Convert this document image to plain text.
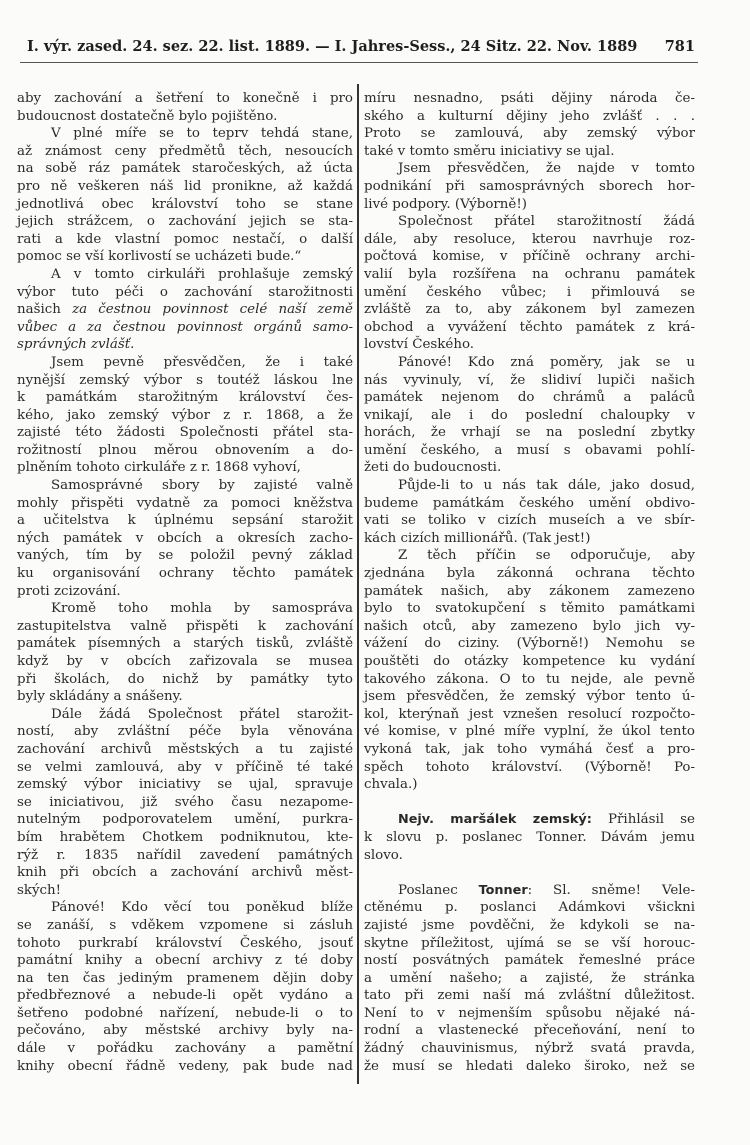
I. výr. zased. 24. sez. 22. list. 1889. — I. Jahres-Sess., 24 Sitz. 22. Nov. 1889 781
aby zachování a šetření to konečně i pro
budoucnost dostatečně bylo pojištěno.
V plné míře se to teprv tehdá stane,
až známost ceny předmětů těch, nesoucích
na sobě ráz památek staročeských, až úcta
pro ně veškeren náš lid pronikne, až každá
jednotlivá obec království toho se stane
jejich strážcem, o zachování jejich se sta-
rati a kde vlastní pomoc nestačí, o další
pomoc se vší korlivostí se ucházeti bude.“
A v tomto cirkuláři prohlašuje zemský
výbor tuto péči o zachování starožitnosti
našich za čestnou povinnost celé naší země
vůbec a za čestnou povinnost orgánů samo-
správných zvlášť.
Jsem pevně přesvědčen, že i také
nynější zemský výbor s toutéž láskou lne
k památkám starožitným království čes-
kého, jako zemský výbor z r. 1868, a že
zajisté této žádosti Společnosti přátel sta-
rožitností plnou měrou obnovením a do-
plněním tohoto cirkuláře z r. 1868 vyhoví,
Samosprávné sbory by zajisté valně
mohly přispěti vydatně za pomoci kněžstva
a učitelstva k úplnému sepsání starožit
ných památek v obcích a okresích zacho-
vaných, tím by se položil pevný základ
ku organisování ochrany těchto památek
proti zcizování.
Kromě toho mohla by samospráva
zastupitelstva valně přispěti k zachování
památek písemných a starých tisků, zvláště
když by v obcích zařizovala se musea
při školách, do nichž by památky tyto
byly skládány a snášeny.
Dále žádá Společnost přátel starožit-
ností, aby zvláštní péče byla věnována
zachování archivů městských a tu zajisté
se velmi zamlouvá, aby v příčině té také
zemský výbor iniciativy se ujal, spravuje
se iniciativou, již svého času nezapome-
nutelným podporovatelem umění, purkra-
bím hrabětem Chotkem podniknutou, kte-
rýž r. 1835 nařídil zavedení památných
knih při obcích a zachování archivů měst-
ských!
Pánové! Kdo věcí tou poněkud blíže
se zanáší, s vděkem vzpomene si zásluh
tohoto purkrabí království Českého, jsouť
památní knihy a obecní archivy z té doby
na ten čas jediným pramenem dějin doby
předbřeznové a nebude-li opět vydáno a
šetřeno podobné nařízení, nebude-li o to
pečováno, aby městské archivy byly na-
dále v pořádku zachovány a pamětní
knihy obecní řádně vedeny, pak bude nad
míru nesnadno, psáti dějiny národa če-
ského a kulturní dějiny jeho zvlášť . . .
Proto se zamlouvá, aby zemský výbor
také v tomto směru iniciativy se ujal.
Jsem přesvědčen, že najde v tomto
podnikání při samosprávných sborech hor-
livé podpory. (Výborně!)
Společnost přátel starožitností žádá
dále, aby resoluce, kterou navrhuje roz-
počtová komise, v příčině ochrany archi-
valií byla rozšířena na ochranu památek
umění českého vůbec; i přimlouvá se
zvláště za to, aby zákonem byl zamezen
obchod a vyvážení těchto památek z krá-
lovství Českého.
Pánové! Kdo zná poměry, jak se u
nás vyvinuly, ví, že slidiví lupiči našich
památek nejenom do chrámů a paláců
vnikají, ale i do poslední chaloupky v
horách, že vrhají se na poslední zbytky
umění českého, a musí s obavami pohlí-
žeti do budoucnosti.
Půjde-li to u nás tak dále, jako dosud,
budeme památkám českého umění obdivo-
vati se toliko v cizích museích a ve sbír-
kách cizích millionářů. (Tak jest!)
Z těch příčin se odporučuje, aby
zjednána byla zákonná ochrana těchto
památek našich, aby zákonem zamezeno
bylo to svatokupčení s těmito památkami
našich otců, aby zamezeno bylo jich vy-
vážení do ciziny. (Výborně!) Nemohu se
pouštěti do otázky kompetence ku vydání
takového zákona. O to tu nejde, ale pevně
jsem přesvědčen, že zemský výbor tento ú-
kol, kterýnaň jest vznešen resolucí rozpočto-
vé komise, v plné míře vyplní, že úkol tento
vykoná tak, jak toho vymáhá česť a pro-
spěch tohoto království. (Výborně! Po-
chvala.)
Nejv. maršálek zemský: Přihlásil se
k slovu p. poslanec Tonner. Dávám jemu
slovo.
Poslanec Tonner: Sl. sněme! Vele-
ctěnému p. poslanci Adámkovi všickni
zajisté jsme povděčni, že kdykoli se na-
skytne příležitost, ujímá se se vší horouc-
ností posvátných památek řemeslné práce
a umění našeho; a zajisté, že stránka
tato při zemi naší má zvláštní důležitost.
Není to v nejmenším spůsobu nějaké ná-
rodní a vlastenecké přeceňování, není to
žádný chauvinismus, nýbrž svatá pravda,
že musí se hledati daleko široko, než se
